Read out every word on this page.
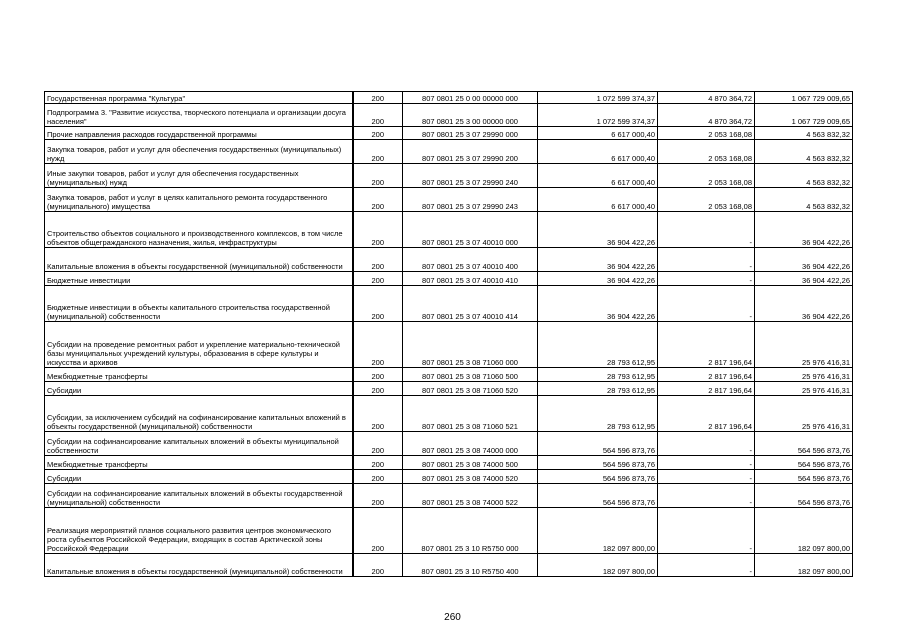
Государственная программа "Культура"	200	807 0801 25 0 00 00000 000	1 072 599 374,37	4 870 364,72	1 067 729 009,65
Подпрограмма 3. "Развитие искусства, творческого потенциала и организации досуга населения"	200	807 0801 25 3 00 00000 000	1 072 599 374,37	4 870 364,72	1 067 729 009,65
Прочие направления расходов государственной программы	200	807 0801 25 3 07 29990 000	6 617 000,40	2 053 168,08	4 563 832,32
Закупка товаров, работ и услуг для обеспечения государственных (муниципальных) нужд	200	807 0801 25 3 07 29990 200	6 617 000,40	2 053 168,08	4 563 832,32
Иные закупки товаров, работ и услуг для обеспечения государственных (муниципальных) нужд	200	807 0801 25 3 07 29990 240	6 617 000,40	2 053 168,08	4 563 832,32
Закупка товаров, работ и услуг в целях капитального ремонта государственного (муниципального) имущества	200	807 0801 25 3 07 29990 243	6 617 000,40	2 053 168,08	4 563 832,32
Строительство объектов социального и производственного комплексов, в том числе объектов общегражданского назначения, жилья, инфраструктуры	200	807 0801 25 3 07 40010 000	36 904 422,26	-	36 904 422,26
Капитальные вложения в объекты государственной (муниципальной) собственности	200	807 0801 25 3 07 40010 400	36 904 422,26	-	36 904 422,26
Бюджетные инвестиции	200	807 0801 25 3 07 40010 410	36 904 422,26	-	36 904 422,26
Бюджетные инвестиции в объекты капитального строительства государственной (муниципальной) собственности	200	807 0801 25 3 07 40010 414	36 904 422,26	-	36 904 422,26
Субсидии на проведение ремонтных работ и укрепление материально-технической базы муниципальных учреждений культуры, образования в сфере культуры и искусства и архивов	200	807 0801 25 3 08 71060 000	28 793 612,95	2 817 196,64	25 976 416,31
Межбюджетные трансферты	200	807 0801 25 3 08 71060 500	28 793 612,95	2 817 196,64	25 976 416,31
Субсидии	200	807 0801 25 3 08 71060 520	28 793 612,95	2 817 196,64	25 976 416,31
Субсидии, за исключением субсидий на софинансирование капитальных вложений в объекты государственной (муниципальной) собственности	200	807 0801 25 3 08 71060 521	28 793 612,95	2 817 196,64	25 976 416,31
Субсидии на софинансирование капитальных вложений в объекты муниципальной собственности	200	807 0801 25 3 08 74000 000	564 596 873,76	-	564 596 873,76
Межбюджетные трансферты	200	807 0801 25 3 08 74000 500	564 596 873,76	-	564 596 873,76
Субсидии	200	807 0801 25 3 08 74000 520	564 596 873,76	-	564 596 873,76
Субсидии на софинансирование капитальных вложений в объекты государственной (муниципальной) собственности	200	807 0801 25 3 08 74000 522	564 596 873,76	-	564 596 873,76
Реализация мероприятий планов социального развития центров экономического роста субъектов Российской Федерации, входящих в состав Арктической зоны Российской Федерации	200	807 0801 25 3 10 R5750 000	182 097 800,00	-	182 097 800,00
Капитальные вложения в объекты государственной (муниципальной) собственности	200	807 0801 25 3 10 R5750 400	182 097 800,00	-	182 097 800,00
260
